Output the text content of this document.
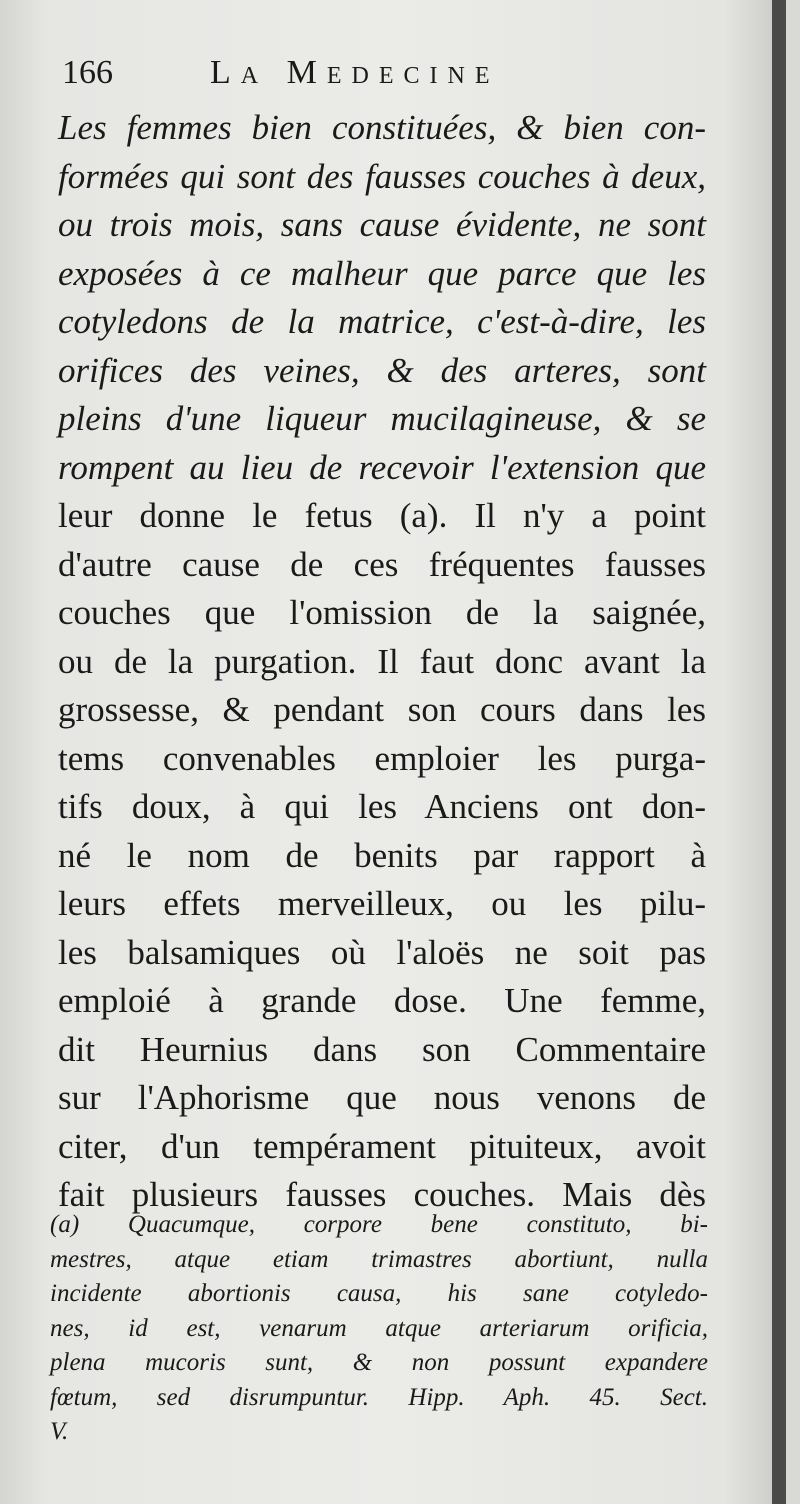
166	La Medecine
Les femmes bien constituées, & bien con-
formées qui sont des fausses couches à deux,
ou trois mois, sans cause évidente, ne sont
exposées à ce malheur que parce que les
cotyledons de la matrice, c'est-à-dire, les
orifices des veines, & des arteres, sont
pleins d'une liqueur mucilagineuse, & se
rompent au lieu de recevoir l'extension que
leur donne le fetus (a). Il n'y a point
d'autre cause de ces fréquentes fausses
couches que l'omission de la saignée,
ou de la purgation. Il faut donc avant la
grossesse, & pendant son cours dans les
tems convenables emploier les purga-
tifs doux, à qui les Anciens ont don-
né le nom de benits par rapport à
leurs effets merveilleux, ou les pilu-
les balsamiques où l'aloës ne soit pas
emploié à grande dose. Une femme,
dit Heurnius dans son Commentaire
sur l'Aphorisme que nous venons de
citer, d'un tempérament pituiteux, avoit
fait plusieurs fausses couches. Mais dès
(a) Quacumque, corpore bene constituto, bi-
mestres, atque etiam trimastres abortiunt, nulla
incidente abortionis causa, his sane cotyledo-
nes, id est, venarum atque arteriarum orificia,
plena mucoris sunt, & non possunt expandere
fœtum, sed disrumpuntur. Hipp. Aph. 45. Sect.
V.
